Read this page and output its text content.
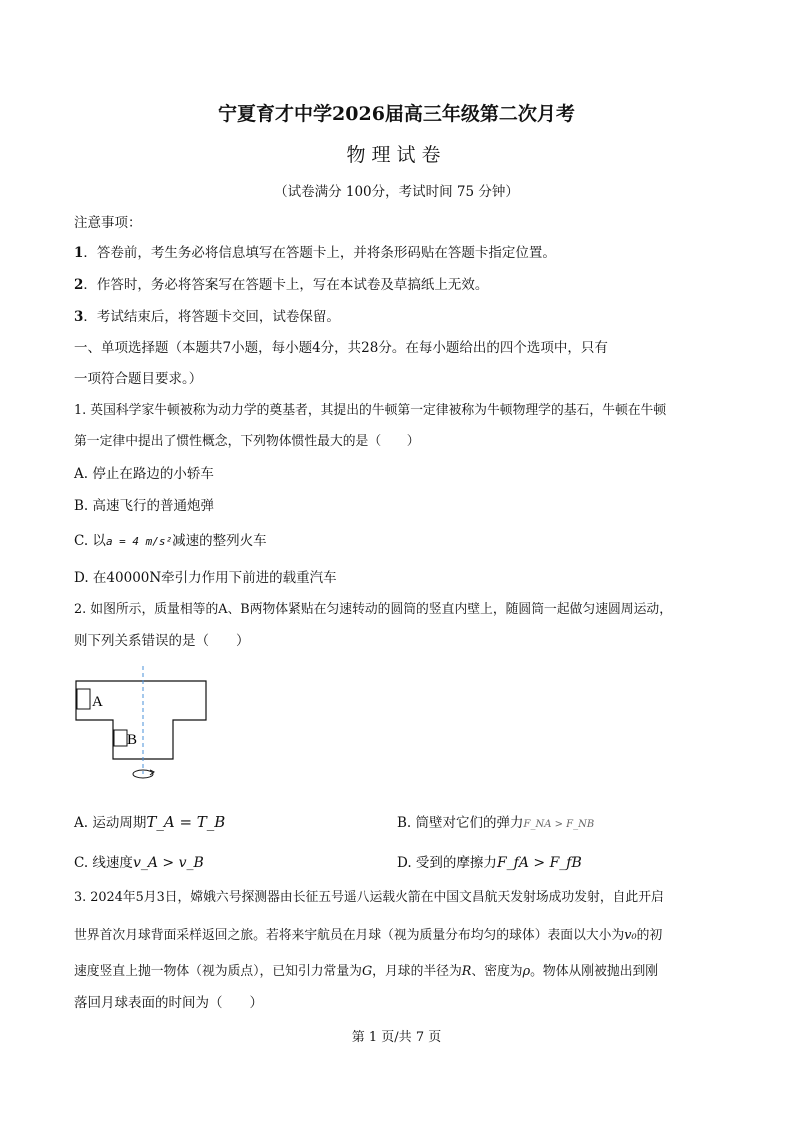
宁夏育才中学2026届高三年级第二次月考
物理试卷
（试卷满分 100分，考试时间 75 分钟）
注意事项：
1．答卷前，考生务必将信息填写在答题卡上，并将条形码贴在答题卡指定位置。
2．作答时，务必将答案写在答题卡上，写在本试卷及草搞纸上无效。
3．考试结束后，将答题卡交回，试卷保留。
一、单项选择题（本题共7小题，每小题4分，共28分。在每小题给出的四个选项中，只有
一项符合题目要求。）
1. 英国科学家牛顿被称为动力学的奠基者，其提出的牛顿第一定律被称为牛顿物理学的基石，牛顿在牛顿
第一定律中提出了惯性概念，下列物体惯性最大的是（　　）
A. 停止在路边的小轿车
B. 高速飞行的普通炮弹
C. 以a = 4 m/s²减速的整列火车
D. 在40000N牵引力作用下前进的载重汽车
2. 如图所示，质量相等的A、B两物体紧贴在匀速转动的圆筒的竖直内壁上，随圆筒一起做匀速圆周运动，
则下列关系错误的是（　　）
A
B
A. 运动周期T_A = T_B	B. 筒壁对它们的弹力F_NA > F_NB
C. 线速度v_A > v_B	D. 受到的摩擦力F_fA > F_fB
3. 2024年5月3日，嫦娥六号探测器由长征五号遥八运载火箭在中国文昌航天发射场成功发射，自此开启
世界首次月球背面采样返回之旅。若将来宇航员在月球（视为质量分布均匀的球体）表面以大小为v₀的初
速度竖直上抛一物体（视为质点），已知引力常量为G，月球的半径为R、密度为ρ。物体从刚被抛出到刚
落回月球表面的时间为（　　）
第 1 页/共 7 页
